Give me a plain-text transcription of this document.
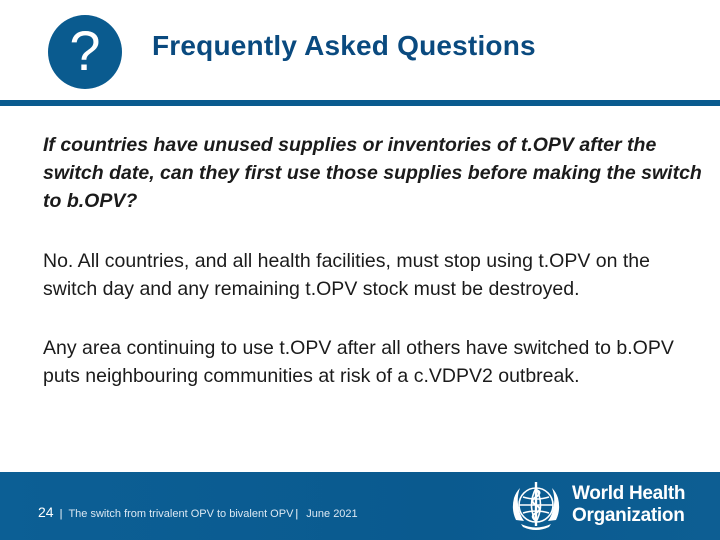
? Frequently Asked Questions
If countries have unused supplies or inventories of t.OPV after the switch date, can they first use those supplies before making the switch to b.OPV?
No. All countries, and all health facilities, must stop using t.OPV on the switch day and any remaining t.OPV stock must be destroyed.
Any area continuing to use t.OPV after all others have switched to b.OPV puts neighbouring communities at risk of a c.VDPV2 outbreak.
24 | The switch from trivalent OPV to bivalent OPV | June 2021
World Health
Organization
